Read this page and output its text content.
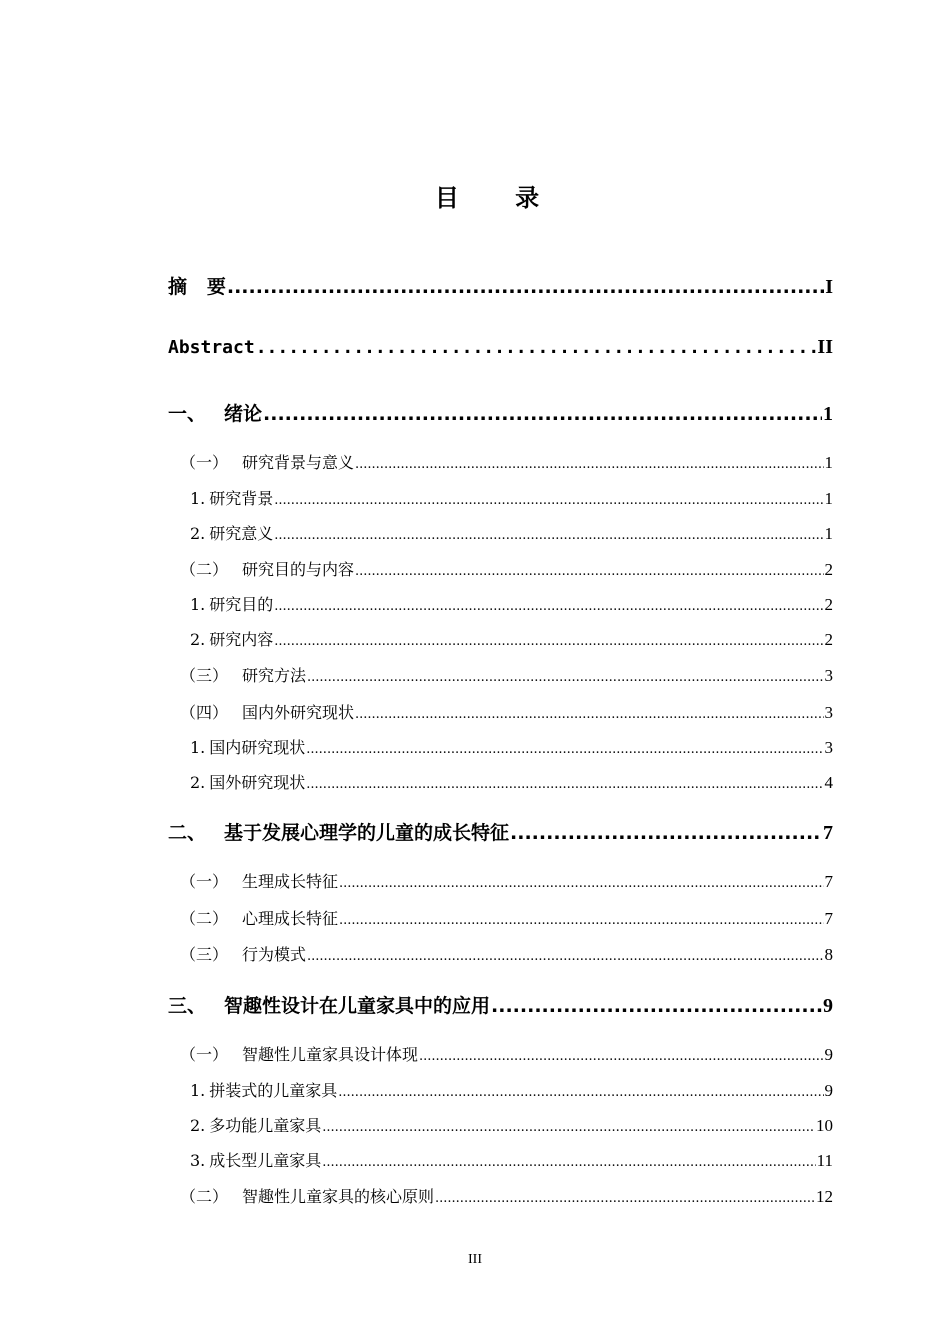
目 录
摘   要 .....	I
Abstract .....	II
一、 绪论 .....	1
（一） 研究背景与意义 .....	1
1. 研究背景 .....	1
2. 研究意义 .....	1
（二） 研究目的与内容 .....	2
1. 研究目的 .....	2
2. 研究内容 .....	2
（三） 研究方法 .....	3
（四） 国内外研究现状 .....	3
1. 国内研究现状 .....	3
2. 国外研究现状 .....	4
二、 基于发展心理学的儿童的成长特征 .....	7
（一） 生理成长特征 .....	7
（二） 心理成长特征 .....	7
（三） 行为模式 .....	8
三、 智趣性设计在儿童家具中的应用 .....	9
（一） 智趣性儿童家具设计体现 .....	9
1. 拼装式的儿童家具 .....	9
2. 多功能儿童家具 .....	10
3. 成长型儿童家具 .....	11
（二） 智趣性儿童家具的核心原则 .....	12
III
